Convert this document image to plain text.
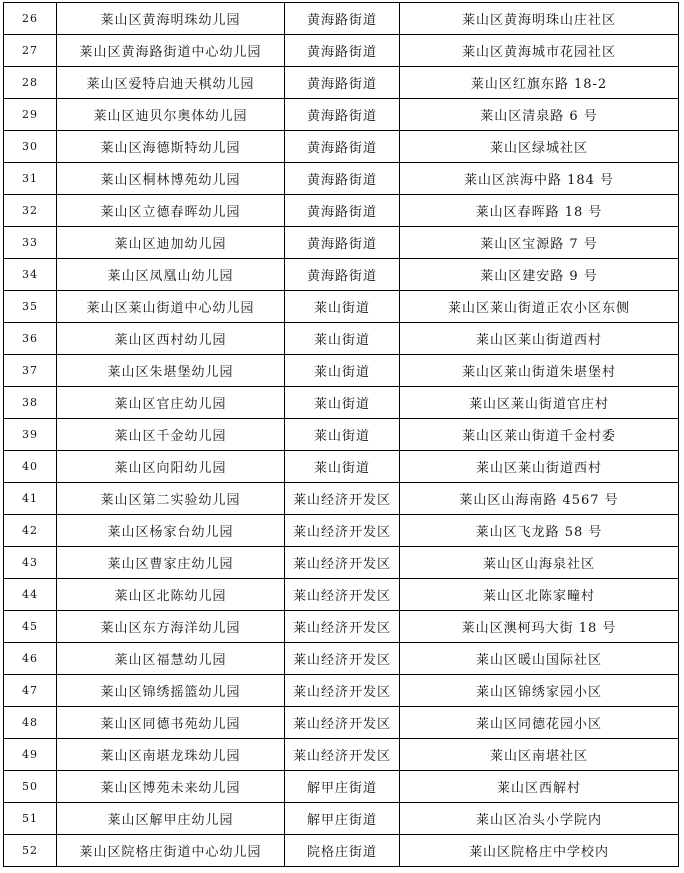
26	莱山区黄海明珠幼儿园	黄海路街道	莱山区黄海明珠山庄社区
27	莱山区黄海路街道中心幼儿园	黄海路街道	莱山区黄海城市花园社区
28	莱山区爱特启迪天棋幼儿园	黄海路街道	莱山区红旗东路 18-2
29	莱山区迪贝尔奥体幼儿园	黄海路街道	莱山区清泉路 6 号
30	莱山区海德斯特幼儿园	黄海路街道	莱山区绿城社区
31	莱山区桐林博苑幼儿园	黄海路街道	莱山区滨海中路 184 号
32	莱山区立德春晖幼儿园	黄海路街道	莱山区春晖路 18 号
33	莱山区迪加幼儿园	黄海路街道	莱山区宝源路 7 号
34	莱山区凤凰山幼儿园	黄海路街道	莱山区建安路 9 号
35	莱山区莱山街道中心幼儿园	莱山街道	莱山区莱山街道正农小区东侧
36	莱山区西村幼儿园	莱山街道	莱山区莱山街道西村
37	莱山区朱堪堡幼儿园	莱山街道	莱山区莱山街道朱堪堡村
38	莱山区官庄幼儿园	莱山街道	莱山区莱山街道官庄村
39	莱山区千金幼儿园	莱山街道	莱山区莱山街道千金村委
40	莱山区向阳幼儿园	莱山街道	莱山区莱山街道西村
41	莱山区第二实验幼儿园	莱山经济开发区	莱山区山海南路 4567 号
42	莱山区杨家台幼儿园	莱山经济开发区	莱山区飞龙路 58 号
43	莱山区曹家庄幼儿园	莱山经济开发区	莱山区山海泉社区
44	莱山区北陈幼儿园	莱山经济开发区	莱山区北陈家疃村
45	莱山区东方海洋幼儿园	莱山经济开发区	莱山区澳柯玛大街 18 号
46	莱山区福慧幼儿园	莱山经济开发区	莱山区暖山国际社区
47	莱山区锦绣摇篮幼儿园	莱山经济开发区	莱山区锦绣家园小区
48	莱山区同德书苑幼儿园	莱山经济开发区	莱山区同德花园小区
49	莱山区南堪龙珠幼儿园	莱山经济开发区	莱山区南堪社区
50	莱山区博苑未来幼儿园	解甲庄街道	莱山区西解村
51	莱山区解甲庄幼儿园	解甲庄街道	莱山区冶头小学院内
52	莱山区院格庄街道中心幼儿园	院格庄街道	莱山区院格庄中学校内
